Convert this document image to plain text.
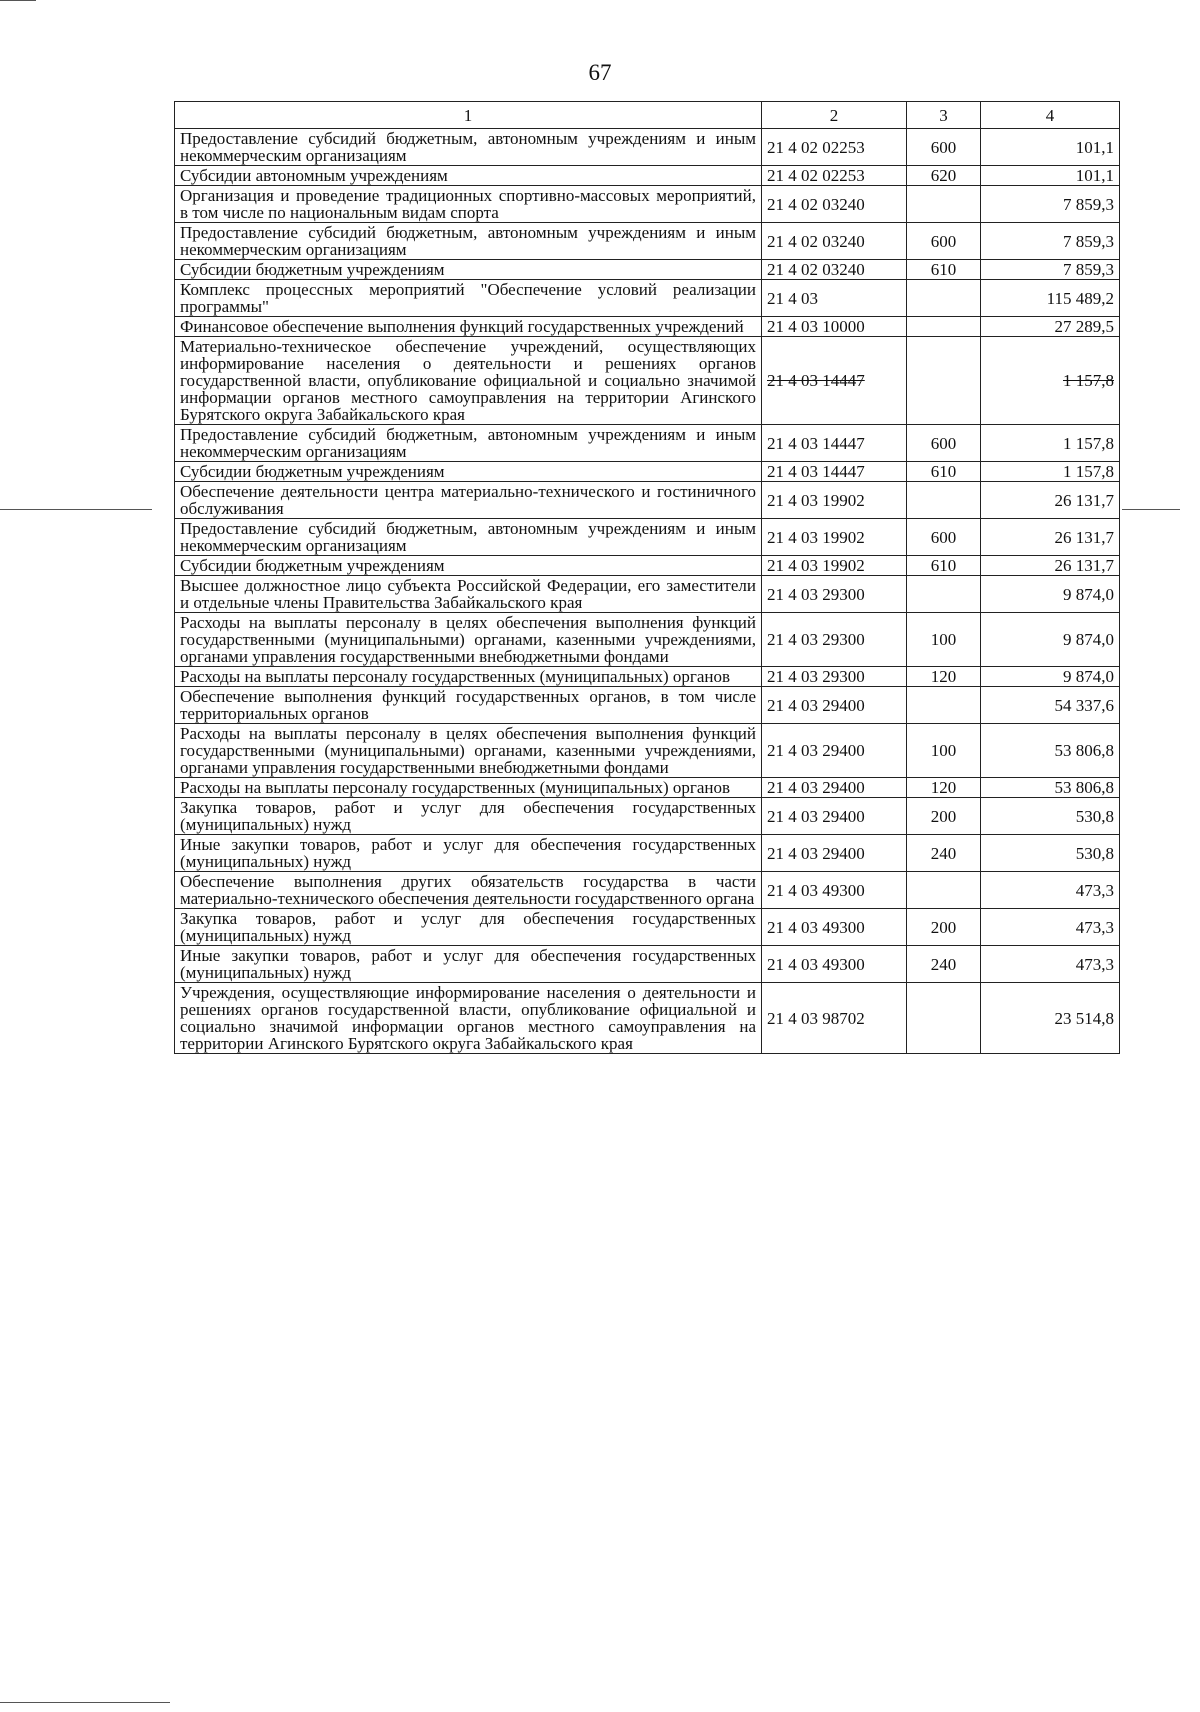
67
1	2	3	4
Предоставление субсидий бюджетным, автономным учреждениям и иным некоммерческим организациям	21 4 02 02253	600	101,1
Субсидии автономным учреждениям	21 4 02 02253	620	101,1
Организация и проведение традиционных спортивно-массовых мероприятий, в том числе по национальным видам спорта	21 4 02 03240		7 859,3
Предоставление субсидий бюджетным, автономным учреждениям и иным некоммерческим организациям	21 4 02 03240	600	7 859,3
Субсидии бюджетным учреждениям	21 4 02 03240	610	7 859,3
Комплекс процессных мероприятий "Обеспечение условий реализации программы"	21 4 03		115 489,2
Финансовое обеспечение выполнения функций государственных учреждений	21 4 03 10000		27 289,5
Материально-техническое обеспечение учреждений, осуществляющих информирование населения о деятельности и решениях органов государственной власти, опубликование официальной и социально значимой информации органов местного самоуправления на территории Агинского Бурятского округа Забайкальского края	21 4 03 14447		1 157,8
Предоставление субсидий бюджетным, автономным учреждениям и иным некоммерческим организациям	21 4 03 14447	600	1 157,8
Субсидии бюджетным учреждениям	21 4 03 14447	610	1 157,8
Обеспечение деятельности центра материально-технического и гостиничного обслуживания	21 4 03 19902		26 131,7
Предоставление субсидий бюджетным, автономным учреждениям и иным некоммерческим организациям	21 4 03 19902	600	26 131,7
Субсидии бюджетным учреждениям	21 4 03 19902	610	26 131,7
Высшее должностное лицо субъекта Российской Федерации, его заместители и отдельные члены Правительства Забайкальского края	21 4 03 29300		9 874,0
Расходы на выплаты персоналу в целях обеспечения выполнения функций государственными (муниципальными) органами, казенными учреждениями, органами управления государственными внебюджетными фондами	21 4 03 29300	100	9 874,0
Расходы на выплаты персоналу государственных (муниципальных) органов	21 4 03 29300	120	9 874,0
Обеспечение выполнения функций государственных органов, в том числе территориальных органов	21 4 03 29400		54 337,6
Расходы на выплаты персоналу в целях обеспечения выполнения функций государственными (муниципальными) органами, казенными учреждениями, органами управления государственными внебюджетными фондами	21 4 03 29400	100	53 806,8
Расходы на выплаты персоналу государственных (муниципальных) органов	21 4 03 29400	120	53 806,8
Закупка товаров, работ и услуг для обеспечения государственных (муниципальных) нужд	21 4 03 29400	200	530,8
Иные закупки товаров, работ и услуг для обеспечения государственных (муниципальных) нужд	21 4 03 29400	240	530,8
Обеспечение выполнения других обязательств государства в части материально-технического обеспечения деятельности государственного органа	21 4 03 49300		473,3
Закупка товаров, работ и услуг для обеспечения государственных (муниципальных) нужд	21 4 03 49300	200	473,3
Иные закупки товаров, работ и услуг для обеспечения государственных (муниципальных) нужд	21 4 03 49300	240	473,3
Учреждения, осуществляющие информирование населения о деятельности и решениях органов государственной власти, опубликование официальной и социально значимой информации органов местного самоуправления на территории Агинского Бурятского округа Забайкальского края	21 4 03 98702		23 514,8
